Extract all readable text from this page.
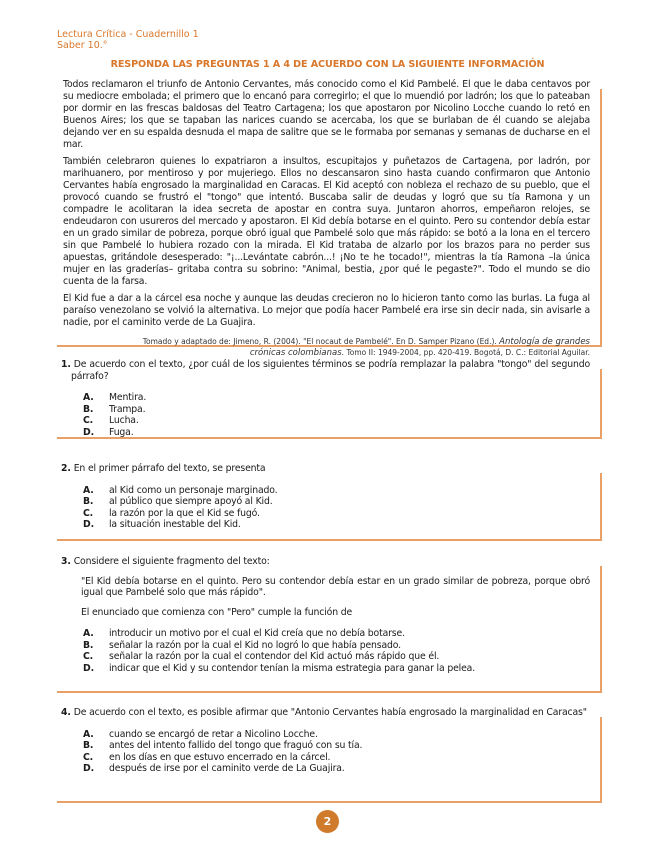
Lectura Crítica - Cuadernillo 1
Saber 10.°
RESPONDA LAS PREGUNTAS 1 A 4 DE ACUERDO CON LA SIGUIENTE INFORMACIÓN

Todos reclamaron el triunfo de Antonio Cervantes, más conocido como el Kid Pambelé. El que le daba centavos por su mediocre embolada; el primero que lo encanó para corregirlo; el que lo muendió por ladrón; los que lo pateaban por dormir en las frescas baldosas del Teatro Cartagena; los que apostaron por Nicolino Locche cuando lo retó en Buenos Aires; los que se tapaban las narices cuando se acercaba, los que se burlaban de él cuando se alejaba dejando ver en su espalda desnuda el mapa de salitre que se le formaba por semanas y semanas de ducharse en el mar.

También celebraron quienes lo expatriaron a insultos, escupitajos y puñetazos de Cartagena, por ladrón, por marihuanero, por mentiroso y por mujeriego. Ellos no descansaron sino hasta cuando confirmaron que Antonio Cervantes había engrosado la marginalidad en Caracas. El Kid aceptó con nobleza el rechazo de su pueblo, que el provocó cuando se frustró el "tongo" que intentó. Buscaba salir de deudas y logró que su tía Ramona y un compadre le acolitaran la idea secreta de apostar en contra suya. Juntaron ahorros, empeñaron relojes, se endeudaron con usureros del mercado y apostaron. El Kid debía botarse en el quinto. Pero su contendor debía estar en un grado similar de pobreza, porque obró igual que Pambelé solo que más rápido: se botó a la lona en el tercero sin que Pambelé lo hubiera rozado con la mirada. El Kid trataba de alzarlo por los brazos para no perder sus apuestas, gritándole desesperado: "¡...Levántate cabrón...! ¡No te he tocado!", mientras la tía Ramona –la única mujer en las graderías– gritaba contra su sobrino: "Animal, bestia, ¿por qué le pegaste?". Todo el mundo se dio cuenta de la farsa.

El Kid fue a dar a la cárcel esa noche y aunque las deudas crecieron no lo hicieron tanto como las burlas. La fuga al paraíso venezolano se volvió la alternativa. Lo mejor que podía hacer Pambelé era irse sin decir nada, sin avisarle a nadie, por el caminito verde de La Guajira.

Tomado y adaptado de: Jimeno, R. (2004). "El nocaut de Pambelé". En D. Samper Pizano (Ed.). Antología de grandes crónicas colombianas. Tomo II: 1949-2004, pp. 420-419. Bogotá, D. C.: Editorial Aguilar.
1. De acuerdo con el texto, ¿por cuál de los siguientes términos se podría remplazar la palabra "tongo" del segundo párrafo?
A.	Mentira.
B.	Trampa.
C.	Lucha.
D.	Fuga.
2. En el primer párrafo del texto, se presenta
A.	al Kid como un personaje marginado.
B.	al público que siempre apoyó al Kid.
C.	la razón por la que el Kid se fugó.
D.	la situación inestable del Kid.
3. Considere el siguiente fragmento del texto:
"El Kid debía botarse en el quinto. Pero su contendor debía estar en un grado similar de pobreza, porque obró igual que Pambelé solo que más rápido".
El enunciado que comienza con "Pero" cumple la función de
A.	introducir un motivo por el cual el Kid creía que no debía botarse.
B.	señalar la razón por la cual el Kid no logró lo que había pensado.
C.	señalar la razón por la cual el contendor del Kid actuó más rápido que él.
D.	indicar que el Kid y su contendor tenían la misma estrategia para ganar la pelea.
4. De acuerdo con el texto, es posible afirmar que "Antonio Cervantes había engrosado la marginalidad en Caracas"
A.	cuando se encargó de retar a Nicolino Locche.
B.	antes del intento fallido del tongo que fraguó con su tía.
C.	en los días en que estuvo encerrado en la cárcel.
D.	después de irse por el caminito verde de La Guajira.
2
